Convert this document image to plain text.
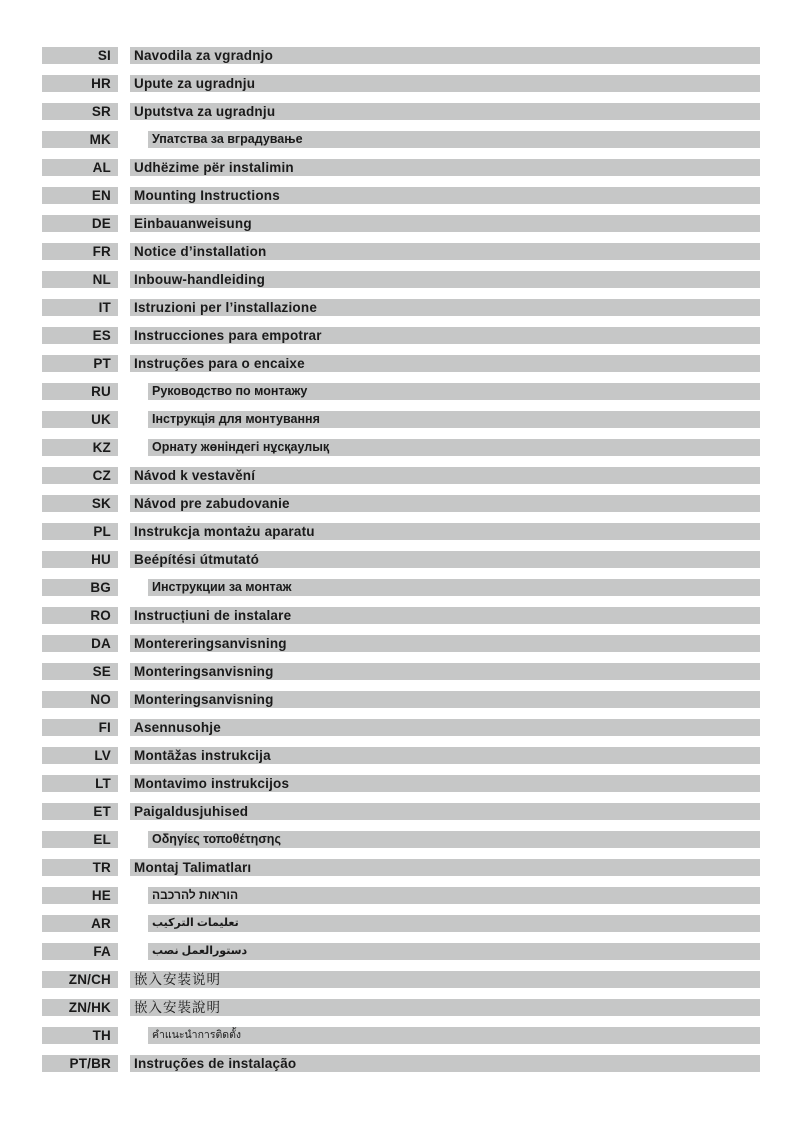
SI Navodila za vgradnjo
HR Upute za ugradnju
SR Uputstva za ugradnju
MK	Упатства за вградување
AL Udhëzime për instalimin
EN Mounting Instructions
DE Einbauanweisung
FR Notice d’installation
NL Inbouw-handleiding
IT Istruzioni per l’installazione
ES Instrucciones para empotrar
PT Instruções para o encaixe
RU	Руководство по монтажу
UK	Інструкція для монтування
KZ	Орнату жөніндегі нұсқаулық
CZ Návod k vestavění
SK Návod pre zabudovanie
PL Instrukcja montażu aparatu
HU Beépítési útmutató
BG	Инструкции за монтаж
RO Instrucțiuni de instalare
DA Montereringsanvisning
SE Monteringsanvisning
NO Monteringsanvisning
FI Asennusohje
LV Montāžas instrukcija
LT Montavimo instrukcijos
ET Paigaldusjuhised
EL	Οδηγίες τοποθέτησης
TR Montaj Talimatları
HE	הוראות להרכבה
AR	تعليمات التركيب
FA	دستورالعمل نصب
ZN/CH 嵌入安装说明
ZN/HK 嵌入安裝說明
TH	คำแนะนำการติดตั้ง
PT/BR Instruções de instalação
